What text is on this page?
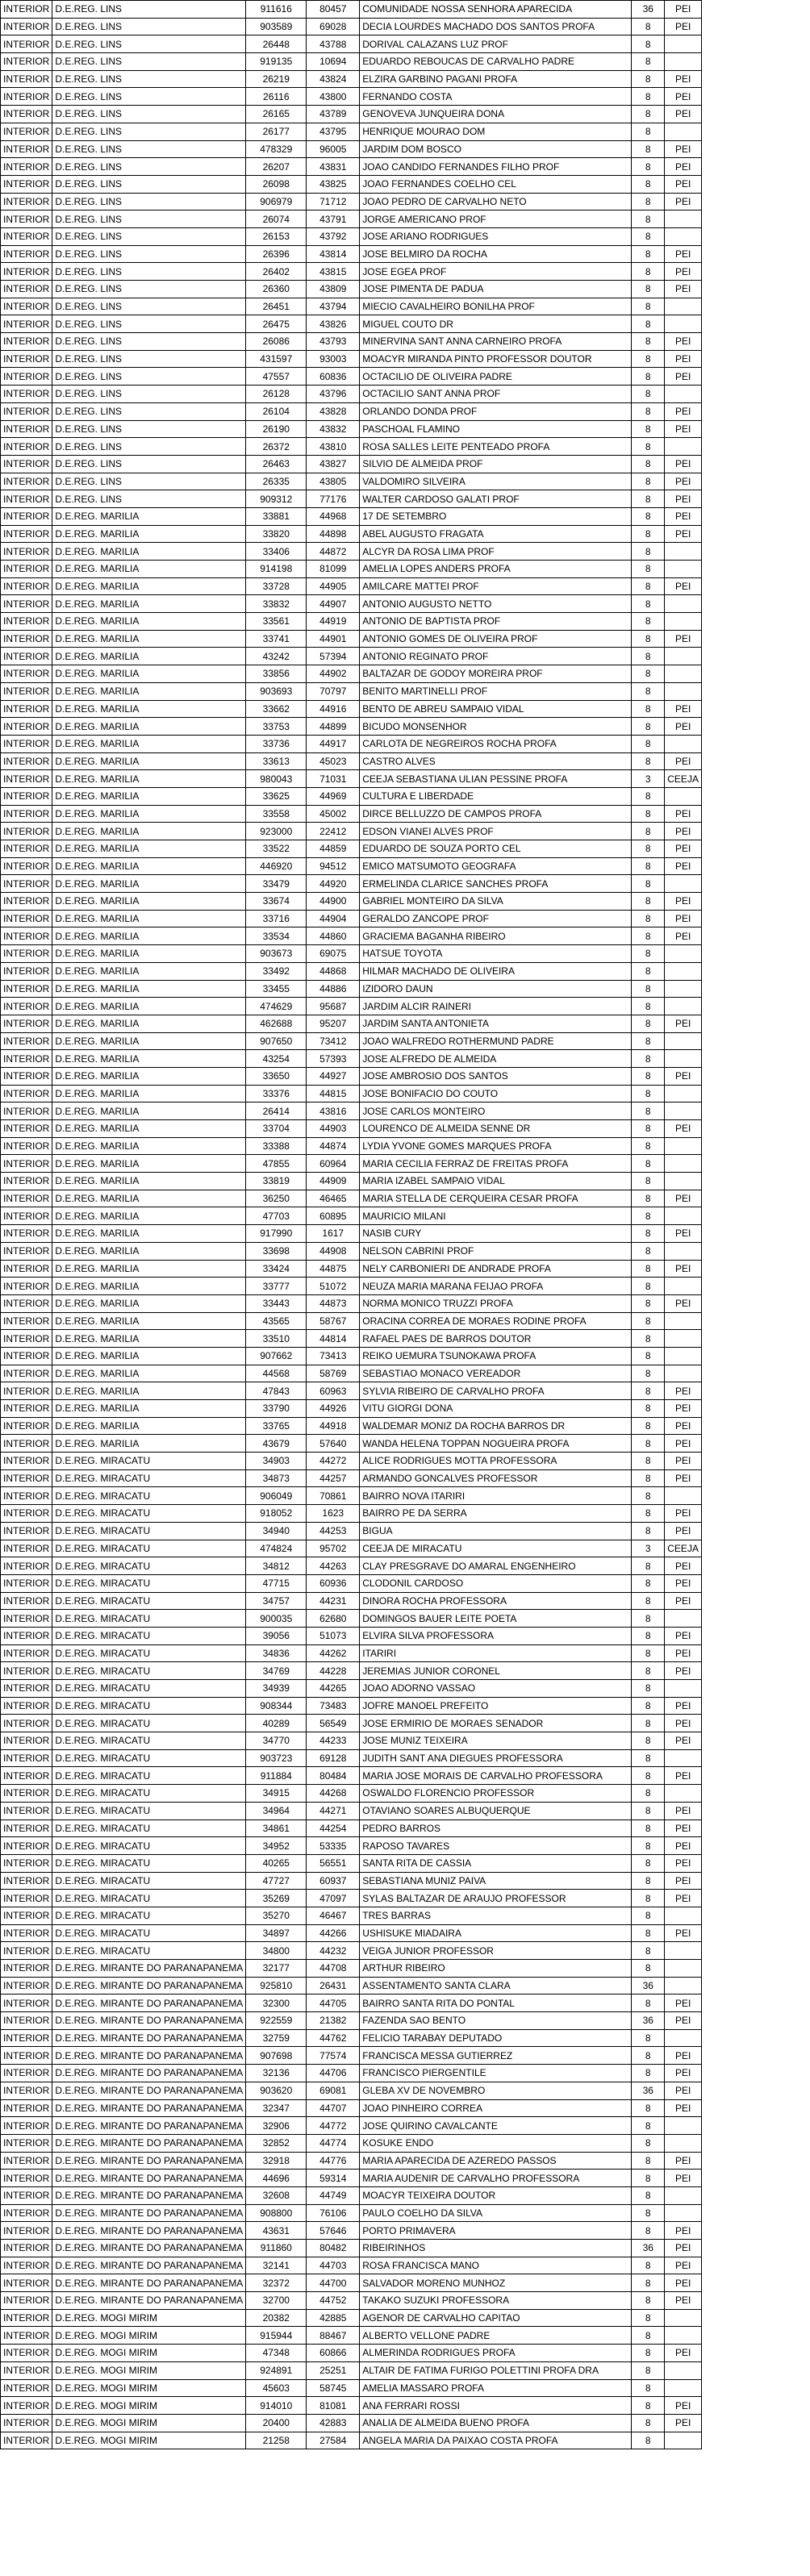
INTERIOR	D.E.REG. LINS	911616	80457	COMUNIDADE NOSSA SENHORA APARECIDA	36	PEI
INTERIOR	D.E.REG. LINS	903589	69028	DECIA LOURDES MACHADO DOS SANTOS PROFA	8	PEI
INTERIOR	D.E.REG. LINS	26448	43788	DORIVAL CALAZANS LUZ PROF	8	
INTERIOR	D.E.REG. LINS	919135	10694	EDUARDO REBOUCAS DE CARVALHO PADRE	8	
INTERIOR	D.E.REG. LINS	26219	43824	ELZIRA GARBINO PAGANI PROFA	8	PEI
INTERIOR	D.E.REG. LINS	26116	43800	FERNANDO COSTA	8	PEI
INTERIOR	D.E.REG. LINS	26165	43789	GENOVEVA JUNQUEIRA DONA	8	PEI
INTERIOR	D.E.REG. LINS	26177	43795	HENRIQUE MOURAO DOM	8	
INTERIOR	D.E.REG. LINS	478329	96005	JARDIM DOM BOSCO	8	PEI
INTERIOR	D.E.REG. LINS	26207	43831	JOAO CANDIDO FERNANDES FILHO PROF	8	PEI
INTERIOR	D.E.REG. LINS	26098	43825	JOAO FERNANDES COELHO CEL	8	PEI
INTERIOR	D.E.REG. LINS	906979	71712	JOAO PEDRO DE CARVALHO NETO	8	PEI
INTERIOR	D.E.REG. LINS	26074	43791	JORGE AMERICANO PROF	8	
INTERIOR	D.E.REG. LINS	26153	43792	JOSE ARIANO RODRIGUES	8	
INTERIOR	D.E.REG. LINS	26396	43814	JOSE BELMIRO DA ROCHA	8	PEI
INTERIOR	D.E.REG. LINS	26402	43815	JOSE EGEA PROF	8	PEI
INTERIOR	D.E.REG. LINS	26360	43809	JOSE PIMENTA DE PADUA	8	PEI
INTERIOR	D.E.REG. LINS	26451	43794	MIECIO CAVALHEIRO BONILHA PROF	8	
INTERIOR	D.E.REG. LINS	26475	43826	MIGUEL COUTO DR	8	
INTERIOR	D.E.REG. LINS	26086	43793	MINERVINA SANT ANNA CARNEIRO PROFA	8	PEI
INTERIOR	D.E.REG. LINS	431597	93003	MOACYR MIRANDA PINTO PROFESSOR DOUTOR	8	PEI
INTERIOR	D.E.REG. LINS	47557	60836	OCTACILIO DE OLIVEIRA PADRE	8	PEI
INTERIOR	D.E.REG. LINS	26128	43796	OCTACILIO SANT ANNA PROF	8	
INTERIOR	D.E.REG. LINS	26104	43828	ORLANDO DONDA PROF	8	PEI
INTERIOR	D.E.REG. LINS	26190	43832	PASCHOAL FLAMINO	8	PEI
INTERIOR	D.E.REG. LINS	26372	43810	ROSA SALLES LEITE PENTEADO PROFA	8	
INTERIOR	D.E.REG. LINS	26463	43827	SILVIO DE ALMEIDA PROF	8	PEI
INTERIOR	D.E.REG. LINS	26335	43805	VALDOMIRO SILVEIRA	8	PEI
INTERIOR	D.E.REG. LINS	909312	77176	WALTER CARDOSO GALATI PROF	8	PEI
INTERIOR	D.E.REG. MARILIA	33881	44968	17 DE SETEMBRO	8	PEI
INTERIOR	D.E.REG. MARILIA	33820	44898	ABEL AUGUSTO FRAGATA	8	PEI
INTERIOR	D.E.REG. MARILIA	33406	44872	ALCYR DA ROSA LIMA PROF	8	
INTERIOR	D.E.REG. MARILIA	914198	81099	AMELIA LOPES ANDERS PROFA	8	
INTERIOR	D.E.REG. MARILIA	33728	44905	AMILCARE MATTEI PROF	8	PEI
INTERIOR	D.E.REG. MARILIA	33832	44907	ANTONIO AUGUSTO NETTO	8	
INTERIOR	D.E.REG. MARILIA	33561	44919	ANTONIO DE BAPTISTA PROF	8	
INTERIOR	D.E.REG. MARILIA	33741	44901	ANTONIO GOMES DE OLIVEIRA PROF	8	PEI
INTERIOR	D.E.REG. MARILIA	43242	57394	ANTONIO REGINATO PROF	8	
INTERIOR	D.E.REG. MARILIA	33856	44902	BALTAZAR DE GODOY MOREIRA PROF	8	
INTERIOR	D.E.REG. MARILIA	903693	70797	BENITO MARTINELLI PROF	8	
INTERIOR	D.E.REG. MARILIA	33662	44916	BENTO DE ABREU SAMPAIO VIDAL	8	PEI
INTERIOR	D.E.REG. MARILIA	33753	44899	BICUDO MONSENHOR	8	PEI
INTERIOR	D.E.REG. MARILIA	33736	44917	CARLOTA DE NEGREIROS ROCHA PROFA	8	
INTERIOR	D.E.REG. MARILIA	33613	45023	CASTRO ALVES	8	PEI
INTERIOR	D.E.REG. MARILIA	980043	71031	CEEJA SEBASTIANA ULIAN PESSINE PROFA	3	CEEJA
INTERIOR	D.E.REG. MARILIA	33625	44969	CULTURA E LIBERDADE	8	
INTERIOR	D.E.REG. MARILIA	33558	45002	DIRCE BELLUZZO DE CAMPOS PROFA	8	PEI
INTERIOR	D.E.REG. MARILIA	923000	22412	EDSON VIANEI ALVES PROF	8	PEI
INTERIOR	D.E.REG. MARILIA	33522	44859	EDUARDO DE SOUZA PORTO CEL	8	PEI
INTERIOR	D.E.REG. MARILIA	446920	94512	EMICO MATSUMOTO GEOGRAFA	8	PEI
INTERIOR	D.E.REG. MARILIA	33479	44920	ERMELINDA CLARICE SANCHES PROFA	8	
INTERIOR	D.E.REG. MARILIA	33674	44900	GABRIEL MONTEIRO DA SILVA	8	PEI
INTERIOR	D.E.REG. MARILIA	33716	44904	GERALDO ZANCOPE PROF	8	PEI
INTERIOR	D.E.REG. MARILIA	33534	44860	GRACIEMA BAGANHA RIBEIRO	8	PEI
INTERIOR	D.E.REG. MARILIA	903673	69075	HATSUE TOYOTA	8	
INTERIOR	D.E.REG. MARILIA	33492	44868	HILMAR MACHADO DE OLIVEIRA	8	
INTERIOR	D.E.REG. MARILIA	33455	44886	IZIDORO DAUN	8	
INTERIOR	D.E.REG. MARILIA	474629	95687	JARDIM ALCIR RAINERI	8	
INTERIOR	D.E.REG. MARILIA	462688	95207	JARDIM SANTA ANTONIETA	8	PEI
INTERIOR	D.E.REG. MARILIA	907650	73412	JOAO WALFREDO ROTHERMUND PADRE	8	
INTERIOR	D.E.REG. MARILIA	43254	57393	JOSE ALFREDO DE ALMEIDA	8	
INTERIOR	D.E.REG. MARILIA	33650	44927	JOSE AMBROSIO DOS SANTOS	8	PEI
INTERIOR	D.E.REG. MARILIA	33376	44815	JOSE BONIFACIO DO COUTO	8	
INTERIOR	D.E.REG. MARILIA	26414	43816	JOSE CARLOS MONTEIRO	8	
INTERIOR	D.E.REG. MARILIA	33704	44903	LOURENCO DE ALMEIDA SENNE DR	8	PEI
INTERIOR	D.E.REG. MARILIA	33388	44874	LYDIA YVONE GOMES MARQUES PROFA	8	
INTERIOR	D.E.REG. MARILIA	47855	60964	MARIA CECILIA FERRAZ DE FREITAS PROFA	8	
INTERIOR	D.E.REG. MARILIA	33819	44909	MARIA IZABEL SAMPAIO VIDAL	8	
INTERIOR	D.E.REG. MARILIA	36250	46465	MARIA STELLA DE CERQUEIRA CESAR PROFA	8	PEI
INTERIOR	D.E.REG. MARILIA	47703	60895	MAURICIO MILANI	8	
INTERIOR	D.E.REG. MARILIA	917990	1617	NASIB CURY	8	PEI
INTERIOR	D.E.REG. MARILIA	33698	44908	NELSON CABRINI PROF	8	
INTERIOR	D.E.REG. MARILIA	33424	44875	NELY CARBONIERI DE ANDRADE PROFA	8	PEI
INTERIOR	D.E.REG. MARILIA	33777	51072	NEUZA MARIA MARANA FEIJAO PROFA	8	
INTERIOR	D.E.REG. MARILIA	33443	44873	NORMA MONICO TRUZZI PROFA	8	PEI
INTERIOR	D.E.REG. MARILIA	43565	58767	ORACINA CORREA DE MORAES RODINE PROFA	8	
INTERIOR	D.E.REG. MARILIA	33510	44814	RAFAEL PAES DE BARROS DOUTOR	8	
INTERIOR	D.E.REG. MARILIA	907662	73413	REIKO UEMURA TSUNOKAWA PROFA	8	
INTERIOR	D.E.REG. MARILIA	44568	58769	SEBASTIAO MONACO VEREADOR	8	
INTERIOR	D.E.REG. MARILIA	47843	60963	SYLVIA RIBEIRO DE CARVALHO PROFA	8	PEI
INTERIOR	D.E.REG. MARILIA	33790	44926	VITU GIORGI DONA	8	PEI
INTERIOR	D.E.REG. MARILIA	33765	44918	WALDEMAR MONIZ DA ROCHA BARROS DR	8	PEI
INTERIOR	D.E.REG. MARILIA	43679	57640	WANDA HELENA TOPPAN NOGUEIRA PROFA	8	PEI
INTERIOR	D.E.REG. MIRACATU	34903	44272	ALICE RODRIGUES MOTTA PROFESSORA	8	PEI
INTERIOR	D.E.REG. MIRACATU	34873	44257	ARMANDO GONCALVES PROFESSOR	8	PEI
INTERIOR	D.E.REG. MIRACATU	906049	70861	BAIRRO NOVA ITARIRI	8	
INTERIOR	D.E.REG. MIRACATU	918052	1623	BAIRRO PE DA SERRA	8	PEI
INTERIOR	D.E.REG. MIRACATU	34940	44253	BIGUA	8	PEI
INTERIOR	D.E.REG. MIRACATU	474824	95702	CEEJA DE MIRACATU	3	CEEJA
INTERIOR	D.E.REG. MIRACATU	34812	44263	CLAY PRESGRAVE DO AMARAL ENGENHEIRO	8	PEI
INTERIOR	D.E.REG. MIRACATU	47715	60936	CLODONIL CARDOSO	8	PEI
INTERIOR	D.E.REG. MIRACATU	34757	44231	DINORA ROCHA PROFESSORA	8	PEI
INTERIOR	D.E.REG. MIRACATU	900035	62680	DOMINGOS BAUER LEITE POETA	8	
INTERIOR	D.E.REG. MIRACATU	39056	51073	ELVIRA SILVA PROFESSORA	8	PEI
INTERIOR	D.E.REG. MIRACATU	34836	44262	ITARIRI	8	PEI
INTERIOR	D.E.REG. MIRACATU	34769	44228	JEREMIAS JUNIOR CORONEL	8	PEI
INTERIOR	D.E.REG. MIRACATU	34939	44265	JOAO ADORNO VASSAO	8	
INTERIOR	D.E.REG. MIRACATU	908344	73483	JOFRE MANOEL PREFEITO	8	PEI
INTERIOR	D.E.REG. MIRACATU	40289	56549	JOSE ERMIRIO DE MORAES SENADOR	8	PEI
INTERIOR	D.E.REG. MIRACATU	34770	44233	JOSE MUNIZ TEIXEIRA	8	PEI
INTERIOR	D.E.REG. MIRACATU	903723	69128	JUDITH SANT ANA DIEGUES PROFESSORA	8	
INTERIOR	D.E.REG. MIRACATU	911884	80484	MARIA JOSE MORAIS DE CARVALHO PROFESSORA	8	PEI
INTERIOR	D.E.REG. MIRACATU	34915	44268	OSWALDO FLORENCIO PROFESSOR	8	
INTERIOR	D.E.REG. MIRACATU	34964	44271	OTAVIANO SOARES ALBUQUERQUE	8	PEI
INTERIOR	D.E.REG. MIRACATU	34861	44254	PEDRO BARROS	8	PEI
INTERIOR	D.E.REG. MIRACATU	34952	53335	RAPOSO TAVARES	8	PEI
INTERIOR	D.E.REG. MIRACATU	40265	56551	SANTA RITA DE CASSIA	8	PEI
INTERIOR	D.E.REG. MIRACATU	47727	60937	SEBASTIANA MUNIZ PAIVA	8	PEI
INTERIOR	D.E.REG. MIRACATU	35269	47097	SYLAS BALTAZAR DE ARAUJO PROFESSOR	8	PEI
INTERIOR	D.E.REG. MIRACATU	35270	46467	TRES BARRAS	8	
INTERIOR	D.E.REG. MIRACATU	34897	44266	USHISUKE MIADAIRA	8	PEI
INTERIOR	D.E.REG. MIRACATU	34800	44232	VEIGA JUNIOR PROFESSOR	8	
INTERIOR	D.E.REG. MIRANTE DO PARANAPANEMA	32177	44708	ARTHUR RIBEIRO	8	
INTERIOR	D.E.REG. MIRANTE DO PARANAPANEMA	925810	26431	ASSENTAMENTO SANTA CLARA	36	
INTERIOR	D.E.REG. MIRANTE DO PARANAPANEMA	32300	44705	BAIRRO SANTA RITA DO PONTAL	8	PEI
INTERIOR	D.E.REG. MIRANTE DO PARANAPANEMA	922559	21382	FAZENDA SAO BENTO	36	PEI
INTERIOR	D.E.REG. MIRANTE DO PARANAPANEMA	32759	44762	FELICIO TARABAY DEPUTADO	8	
INTERIOR	D.E.REG. MIRANTE DO PARANAPANEMA	907698	77574	FRANCISCA MESSA GUTIERREZ	8	PEI
INTERIOR	D.E.REG. MIRANTE DO PARANAPANEMA	32136	44706	FRANCISCO PIERGENTILE	8	PEI
INTERIOR	D.E.REG. MIRANTE DO PARANAPANEMA	903620	69081	GLEBA XV DE NOVEMBRO	36	PEI
INTERIOR	D.E.REG. MIRANTE DO PARANAPANEMA	32347	44707	JOAO PINHEIRO CORREA	8	PEI
INTERIOR	D.E.REG. MIRANTE DO PARANAPANEMA	32906	44772	JOSE QUIRINO CAVALCANTE	8	
INTERIOR	D.E.REG. MIRANTE DO PARANAPANEMA	32852	44774	KOSUKE ENDO	8	
INTERIOR	D.E.REG. MIRANTE DO PARANAPANEMA	32918	44776	MARIA APARECIDA DE AZEREDO PASSOS	8	PEI
INTERIOR	D.E.REG. MIRANTE DO PARANAPANEMA	44696	59314	MARIA AUDENIR DE CARVALHO PROFESSORA	8	PEI
INTERIOR	D.E.REG. MIRANTE DO PARANAPANEMA	32608	44749	MOACYR TEIXEIRA DOUTOR	8	
INTERIOR	D.E.REG. MIRANTE DO PARANAPANEMA	908800	76106	PAULO COELHO DA SILVA	8	
INTERIOR	D.E.REG. MIRANTE DO PARANAPANEMA	43631	57646	PORTO PRIMAVERA	8	PEI
INTERIOR	D.E.REG. MIRANTE DO PARANAPANEMA	911860	80482	RIBEIRINHOS	36	PEI
INTERIOR	D.E.REG. MIRANTE DO PARANAPANEMA	32141	44703	ROSA FRANCISCA MANO	8	PEI
INTERIOR	D.E.REG. MIRANTE DO PARANAPANEMA	32372	44700	SALVADOR MORENO MUNHOZ	8	PEI
INTERIOR	D.E.REG. MIRANTE DO PARANAPANEMA	32700	44752	TAKAKO SUZUKI PROFESSORA	8	PEI
INTERIOR	D.E.REG. MOGI MIRIM	20382	42885	AGENOR DE CARVALHO CAPITAO	8	
INTERIOR	D.E.REG. MOGI MIRIM	915944	88467	ALBERTO VELLONE PADRE	8	
INTERIOR	D.E.REG. MOGI MIRIM	47348	60866	ALMERINDA RODRIGUES PROFA	8	PEI
INTERIOR	D.E.REG. MOGI MIRIM	924891	25251	ALTAIR DE FATIMA FURIGO POLETTINI PROFA DRA	8	
INTERIOR	D.E.REG. MOGI MIRIM	45603	58745	AMELIA MASSARO PROFA	8	
INTERIOR	D.E.REG. MOGI MIRIM	914010	81081	ANA FERRARI ROSSI	8	PEI
INTERIOR	D.E.REG. MOGI MIRIM	20400	42883	ANALIA DE ALMEIDA BUENO PROFA	8	PEI
INTERIOR	D.E.REG. MOGI MIRIM	21258	27584	ANGELA MARIA DA PAIXAO COSTA PROFA	8	
